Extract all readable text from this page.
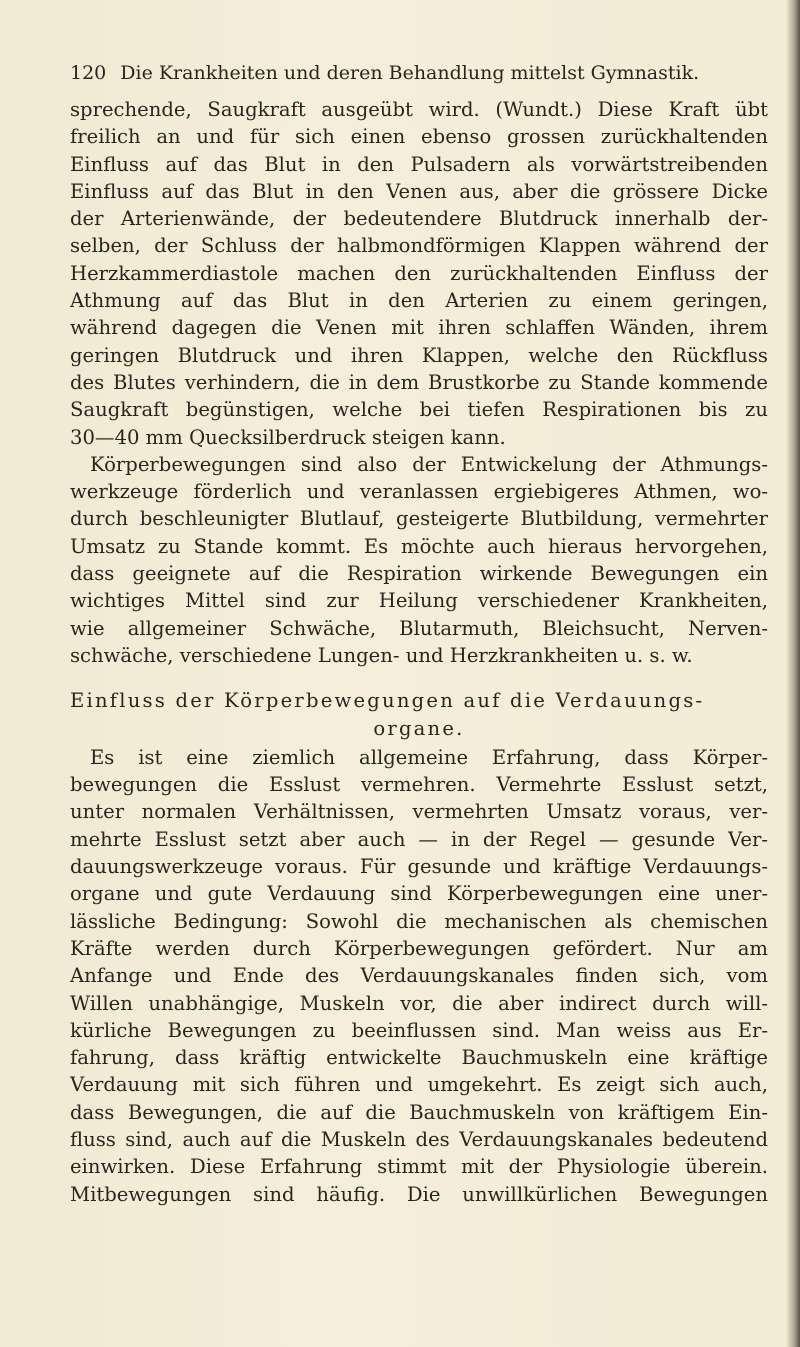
120 Die Krankheiten und deren Behandlung mittelst Gymnastik.
sprechende, Saugkraft ausgeübt wird. (Wundt.) Diese Kraft übt
freilich an und für sich einen ebenso grossen zurückhaltenden
Einfluss auf das Blut in den Pulsadern als vorwärtstreibenden
Einfluss auf das Blut in den Venen aus, aber die grössere Dicke
der Arterienwände, der bedeutendere Blutdruck innerhalb der-
selben, der Schluss der halbmondförmigen Klappen während der
Herzkammerdiastole machen den zurückhaltenden Einfluss der
Athmung auf das Blut in den Arterien zu einem geringen,
während dagegen die Venen mit ihren schlaffen Wänden, ihrem
geringen Blutdruck und ihren Klappen, welche den Rückfluss
des Blutes verhindern, die in dem Brustkorbe zu Stande kommende
Saugkraft begünstigen, welche bei tiefen Respirationen bis zu
30—40 mm Quecksilberdruck steigen kann.
Körperbewegungen sind also der Entwickelung der Athmungs-
werkzeuge förderlich und veranlassen ergiebigeres Athmen, wo-
durch beschleunigter Blutlauf, gesteigerte Blutbildung, vermehrter
Umsatz zu Stande kommt. Es möchte auch hieraus hervorgehen,
dass geeignete auf die Respiration wirkende Bewegungen ein
wichtiges Mittel sind zur Heilung verschiedener Krankheiten,
wie allgemeiner Schwäche, Blutarmuth, Bleichsucht, Nerven-
schwäche, verschiedene Lungen- und Herzkrankheiten u. s. w.
Einfluss der Körperbewegungen auf die Verdauungs-
organe.
Es ist eine ziemlich allgemeine Erfahrung, dass Körper-
bewegungen die Esslust vermehren. Vermehrte Esslust setzt,
unter normalen Verhältnissen, vermehrten Umsatz voraus, ver-
mehrte Esslust setzt aber auch — in der Regel — gesunde Ver-
dauungswerkzeuge voraus. Für gesunde und kräftige Verdauungs-
organe und gute Verdauung sind Körperbewegungen eine uner-
lässliche Bedingung: Sowohl die mechanischen als chemischen
Kräfte werden durch Körperbewegungen gefördert. Nur am
Anfange und Ende des Verdauungskanales finden sich, vom
Willen unabhängige, Muskeln vor, die aber indirect durch will-
kürliche Bewegungen zu beeinflussen sind. Man weiss aus Er-
fahrung, dass kräftig entwickelte Bauchmuskeln eine kräftige
Verdauung mit sich führen und umgekehrt. Es zeigt sich auch,
dass Bewegungen, die auf die Bauchmuskeln von kräftigem Ein-
fluss sind, auch auf die Muskeln des Verdauungskanales bedeutend
einwirken. Diese Erfahrung stimmt mit der Physiologie überein.
Mitbewegungen sind häufig. Die unwillkürlichen Bewegungen
